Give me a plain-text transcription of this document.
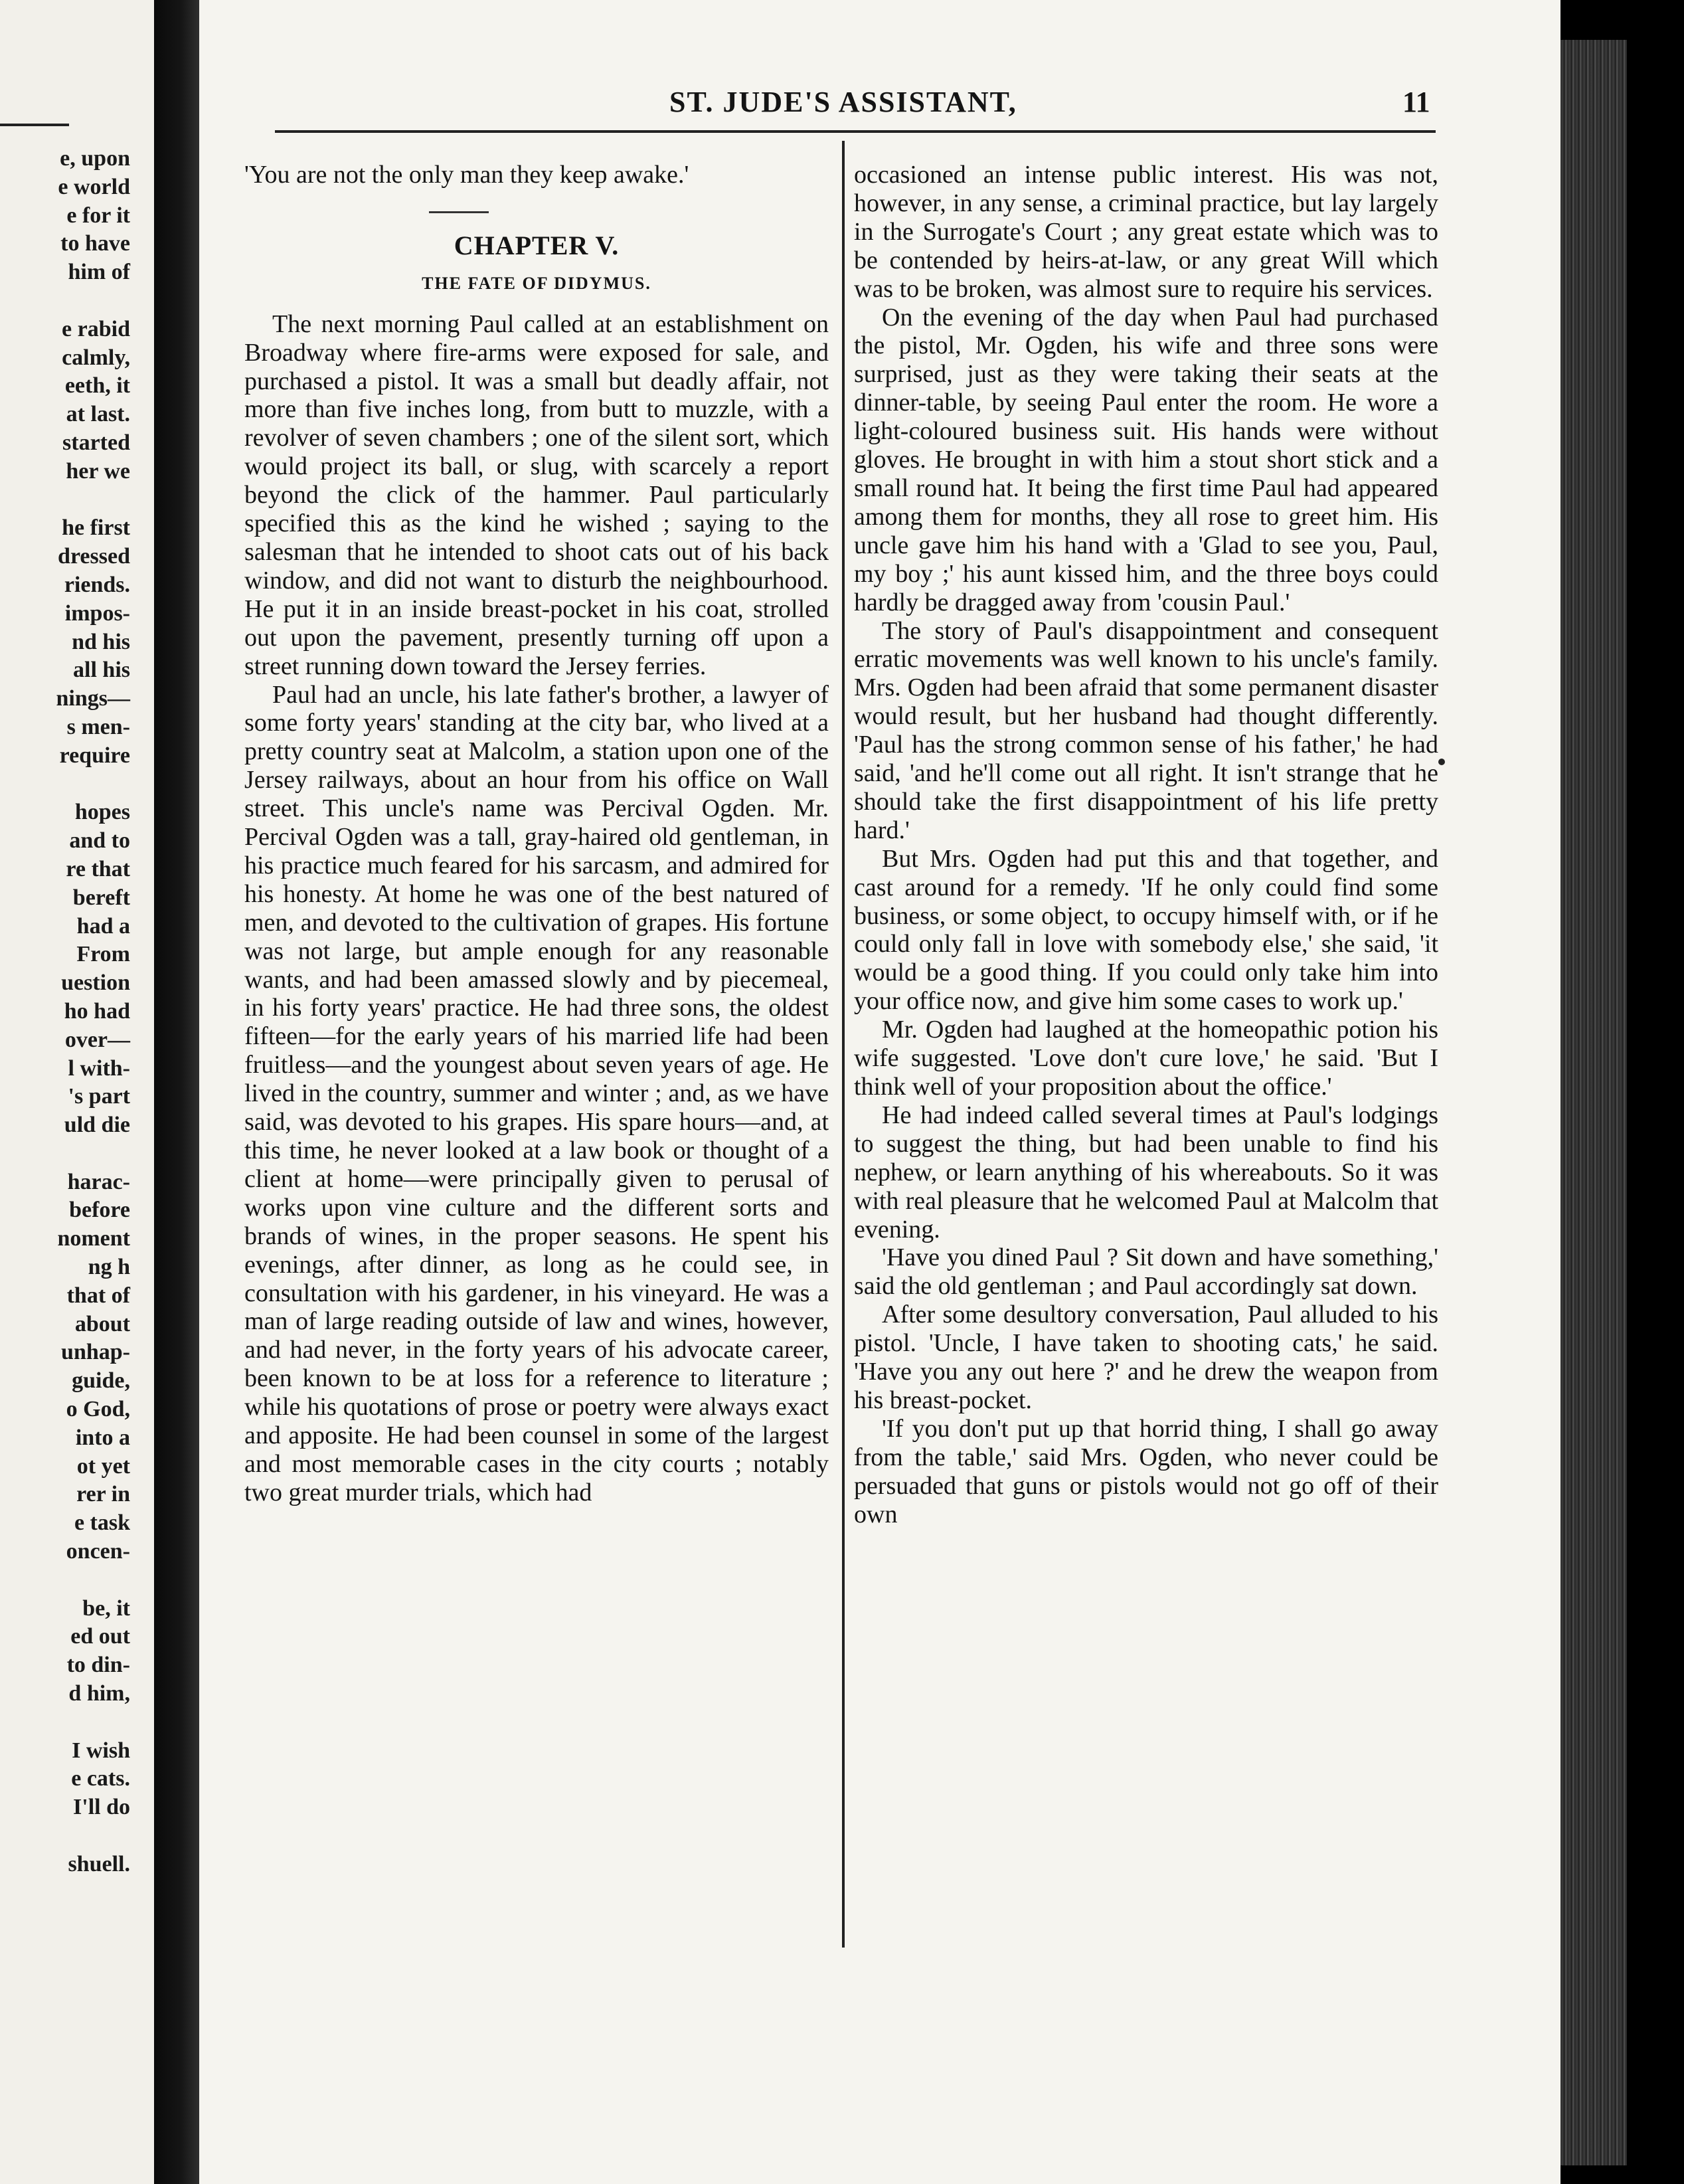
e, upon
e world
e for it
to have
him of

e rabid
calmly,
eeth, it
at last.
started
her we

he first
dressed
riends.
impos-
nd his
all his
nings—
s men-
require

hopes
and to
re that
bereft
had a
From
uestion
ho had
over—
l with-
's part
uld die

harac-
before
noment
ng h
that of
about
unhap-
guide,
o God,
into a
ot yet
rer in
e task
oncen-

be, it
ed out
to din-
d him,

I wish
e cats.
I'll do

shuell.
ST. JUDE'S ASSISTANT,	11

'You are not the only man they keep awake.'

CHAPTER V.
THE FATE OF DIDYMUS.

The next morning Paul called at an establishment on Broadway where fire-arms were exposed for sale, and purchased a pistol. It was a small but deadly affair, not more than five inches long, from butt to muzzle, with a revolver of seven chambers ; one of the silent sort, which would project its ball, or slug, with scarcely a report beyond the click of the hammer. Paul particularly specified this as the kind he wished ; saying to the salesman that he intended to shoot cats out of his back window, and did not want to disturb the neighbourhood. He put it in an inside breast-pocket in his coat, strolled out upon the pavement, presently turning off upon a street running down toward the Jersey ferries.

Paul had an uncle, his late father's brother, a lawyer of some forty years' standing at the city bar, who lived at a pretty country seat at Malcolm, a station upon one of the Jersey railways, about an hour from his office on Wall street. This uncle's name was Percival Ogden. Mr. Percival Ogden was a tall, gray-haired old gentleman, in his practice much feared for his sarcasm, and admired for his honesty. At home he was one of the best natured of men, and devoted to the cultivation of grapes. His fortune was not large, but ample enough for any reasonable wants, and had been amassed slowly and by piecemeal, in his forty years' practice. He had three sons, the oldest fifteen—for the early years of his married life had been fruitless—and the youngest about seven years of age. He lived in the country, summer and winter ; and, as we have said, was devoted to his grapes. His spare hours—and, at this time, he never looked at a law book or thought of a client at home—were principally given to perusal of works upon vine culture and the different sorts and brands of wines, in the proper seasons. He spent his evenings, after dinner, as long as he could see, in consultation with his gardener, in his vineyard. He was a man of large reading outside of law and wines, however, and had never, in the forty years of his advocate career, been known to be at loss for a reference to literature ; while his quotations of prose or poetry were always exact and apposite. He had been counsel in some of the largest and most memorable cases in the city courts ; notably two great murder trials, which had

occasioned an intense public interest. His was not, however, in any sense, a criminal practice, but lay largely in the Surrogate's Court ; any great estate which was to be contended by heirs-at-law, or any great Will which was to be broken, was almost sure to require his services.

On the evening of the day when Paul had purchased the pistol, Mr. Ogden, his wife and three sons were surprised, just as they were taking their seats at the dinner-table, by seeing Paul enter the room. He wore a light-coloured business suit. His hands were without gloves. He brought in with him a stout short stick and a small round hat. It being the first time Paul had appeared among them for months, they all rose to greet him. His uncle gave him his hand with a 'Glad to see you, Paul, my boy ;' his aunt kissed him, and the three boys could hardly be dragged away from 'cousin Paul.'

The story of Paul's disappointment and consequent erratic movements was well known to his uncle's family. Mrs. Ogden had been afraid that some permanent disaster would result, but her husband had thought differently. 'Paul has the strong common sense of his father,' he had said, 'and he'll come out all right. It isn't strange that he should take the first disappointment of his life pretty hard.'

But Mrs. Ogden had put this and that together, and cast around for a remedy. 'If he only could find some business, or some object, to occupy himself with, or if he could only fall in love with somebody else,' she said, 'it would be a good thing. If you could only take him into your office now, and give him some cases to work up.'

Mr. Ogden had laughed at the homeopathic potion his wife suggested. 'Love don't cure love,' he said. 'But I think well of your proposition about the office.'

He had indeed called several times at Paul's lodgings to suggest the thing, but had been unable to find his nephew, or learn anything of his whereabouts. So it was with real pleasure that he welcomed Paul at Malcolm that evening.

'Have you dined Paul ? Sit down and have something,' said the old gentleman ; and Paul accordingly sat down.

After some desultory conversation, Paul alluded to his pistol. 'Uncle, I have taken to shooting cats,' he said. 'Have you any out here ?' and he drew the weapon from his breast-pocket.

'If you don't put up that horrid thing, I shall go away from the table,' said Mrs. Ogden, who never could be persuaded that guns or pistols would not go off of their own
